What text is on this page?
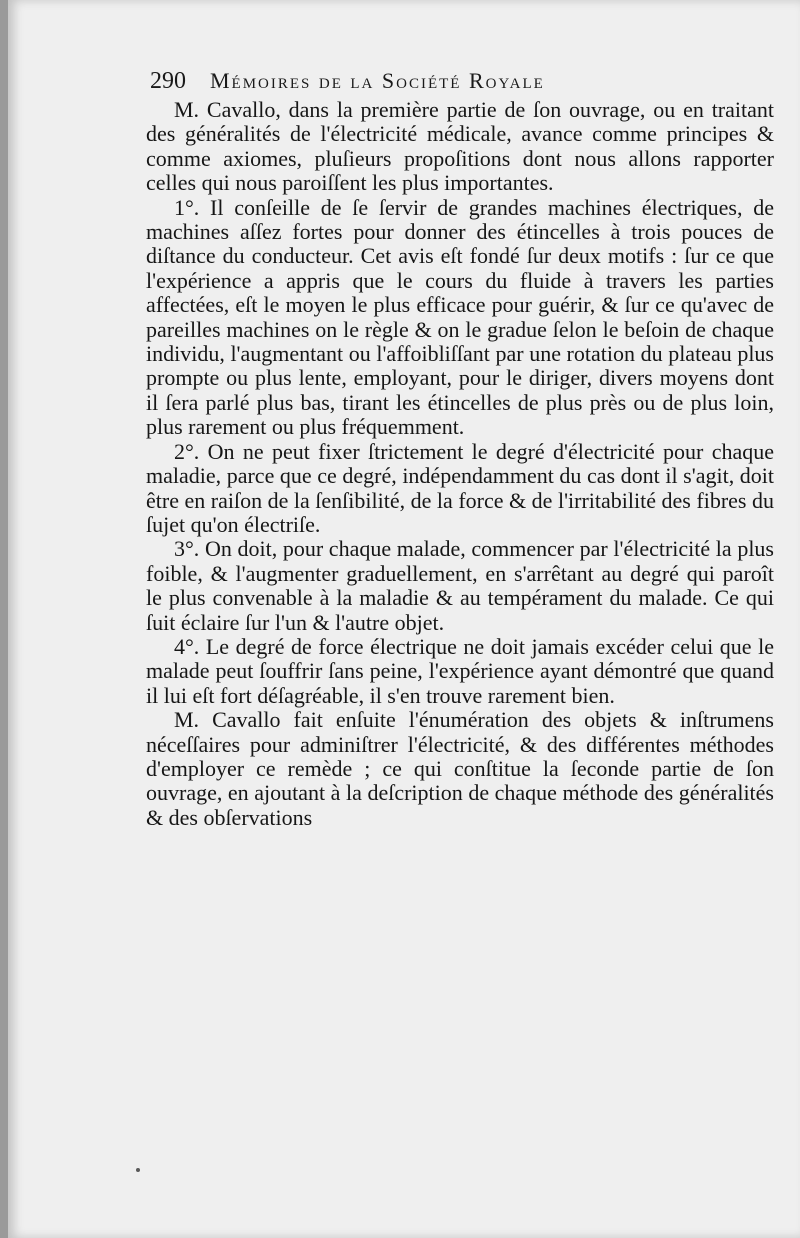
290 Mémoires de la Société Royale

M. Cavallo, dans la première partie de ſon ouvrage, ou en traitant des généralités de l'électricité médicale, avance comme principes & comme axiomes, pluſieurs propoſitions dont nous allons rapporter celles qui nous paroiſſent les plus importantes.

1°. Il conſeille de ſe ſervir de grandes machines électriques, de machines aſſez fortes pour donner des étincelles à trois pouces de diſtance du conducteur. Cet avis eſt fondé ſur deux motifs : ſur ce que l'expérience a appris que le cours du fluide à travers les parties affectées, eſt le moyen le plus efficace pour guérir, & ſur ce qu'avec de pareilles machines on le règle & on le gradue ſelon le beſoin de chaque individu, l'augmentant ou l'affoibliſſant par une rotation du plateau plus prompte ou plus lente, employant, pour le diriger, divers moyens dont il ſera parlé plus bas, tirant les étincelles de plus près ou de plus loin, plus rarement ou plus fréquemment.

2°. On ne peut fixer ſtrictement le degré d'électricité pour chaque maladie, parce que ce degré, indépendamment du cas dont il s'agit, doit être en raiſon de la ſenſibilité, de la force & de l'irritabilité des fibres du ſujet qu'on électriſe.

3°. On doit, pour chaque malade, commencer par l'électricité la plus foible, & l'augmenter graduellement, en s'arrêtant au degré qui paroît le plus convenable à la maladie & au tempérament du malade. Ce qui ſuit éclaire ſur l'un & l'autre objet.

4°. Le degré de force électrique ne doit jamais excéder celui que le malade peut ſouffrir ſans peine, l'expérience ayant démontré que quand il lui eſt fort déſagréable, il s'en trouve rarement bien.

M. Cavallo fait enſuite l'énumération des objets & inſtrumens néceſſaires pour adminiſtrer l'électricité, & des différentes méthodes d'employer ce remède ; ce qui conſtitue la ſeconde partie de ſon ouvrage, en ajoutant à la deſcription de chaque méthode des généralités & des obſervations
